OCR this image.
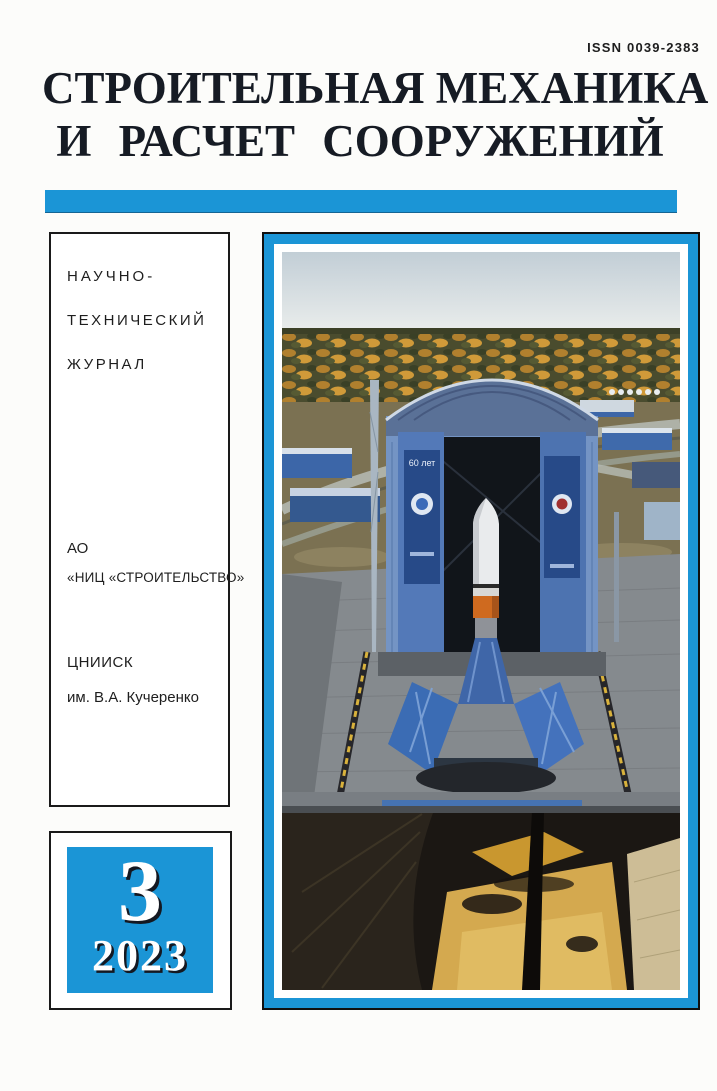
ISSN 0039-2383
СТРОИТЕЛЬНАЯ МЕХАНИКА
И РАСЧЕТ СООРУЖЕНИЙ
НАУЧНО-
ТЕХНИЧЕСКИЙ
ЖУРНАЛ
АО
«НИЦ «СТРОИТЕЛЬСТВО»
ЦНИИСК
им. В.А. Кучеренко
3
2023
60 лет
